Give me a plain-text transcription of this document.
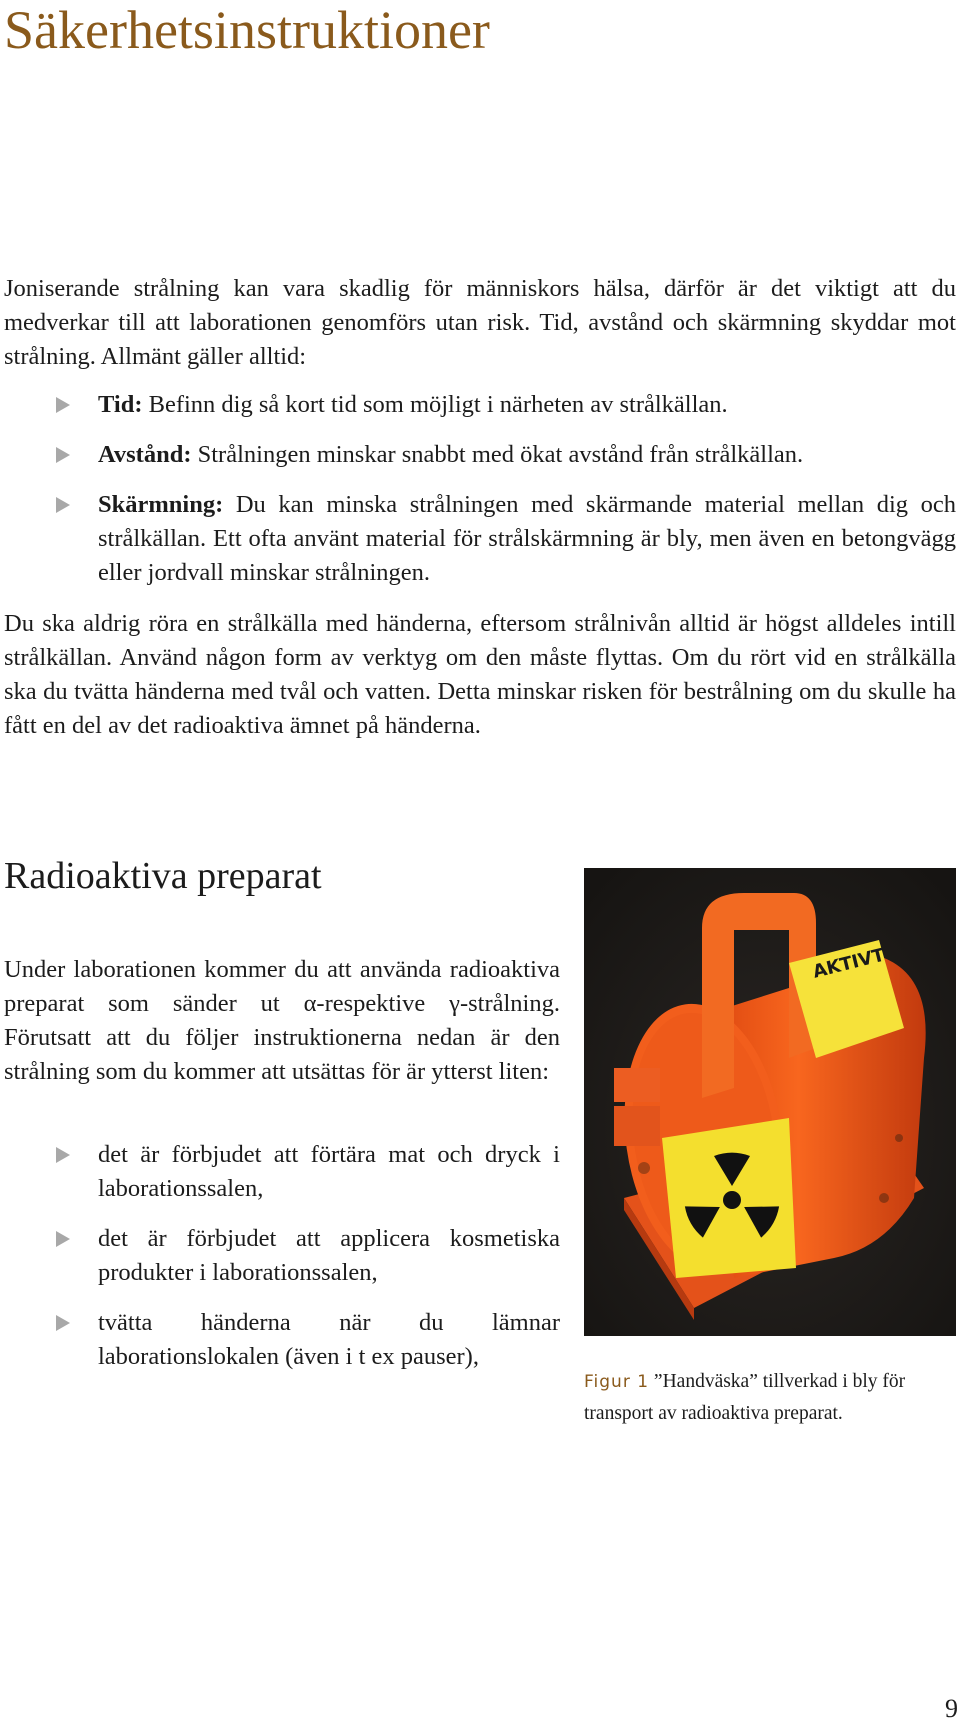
Säkerhetsinstruktioner

Joniserande strålning kan vara skadlig för människors hälsa, därför är det viktigt att du medverkar till att laborationen genomförs utan risk. Tid, avstånd och skärmning skyddar mot strålning. Allmänt gäller alltid:

Tid: Befinn dig så kort tid som möjligt i närheten av strålkällan.
Avstånd: Strålningen minskar snabbt med ökat avstånd från strålkällan.
Skärmning: Du kan minska strålningen med skärmande material mellan dig och strålkällan. Ett ofta använt material för strålskärmning är bly, men även en betongvägg eller jordvall minskar strålningen.

Du ska aldrig röra en strålkälla med händerna, eftersom strålnivån alltid är högst alldeles intill strålkällan. Använd någon form av verktyg om den måste flyttas. Om du rört vid en strålkälla ska du tvätta händerna med tvål och vatten. Detta minskar risken för bestrålning om du skulle ha fått en del av det radioaktiva ämnet på händerna.

Radioaktiva preparat

Under laborationen kommer du att använda radioaktiva preparat som sänder ut α-respektive γ-strålning. Förutsatt att du följer instruktionerna nedan är den strålning som du kommer att utsättas för är ytterst liten:

det är förbjudet att förtära mat och dryck i laborationssalen,
det är förbjudet att applicera kosmetiska produkter i laborationssalen,
tvätta händerna när du lämnar laborationslokalen (även i t ex pauser),
AKTIVT

Figur 1 ”Handväska” tillverkad i bly för transport av radioaktiva preparat.

9
